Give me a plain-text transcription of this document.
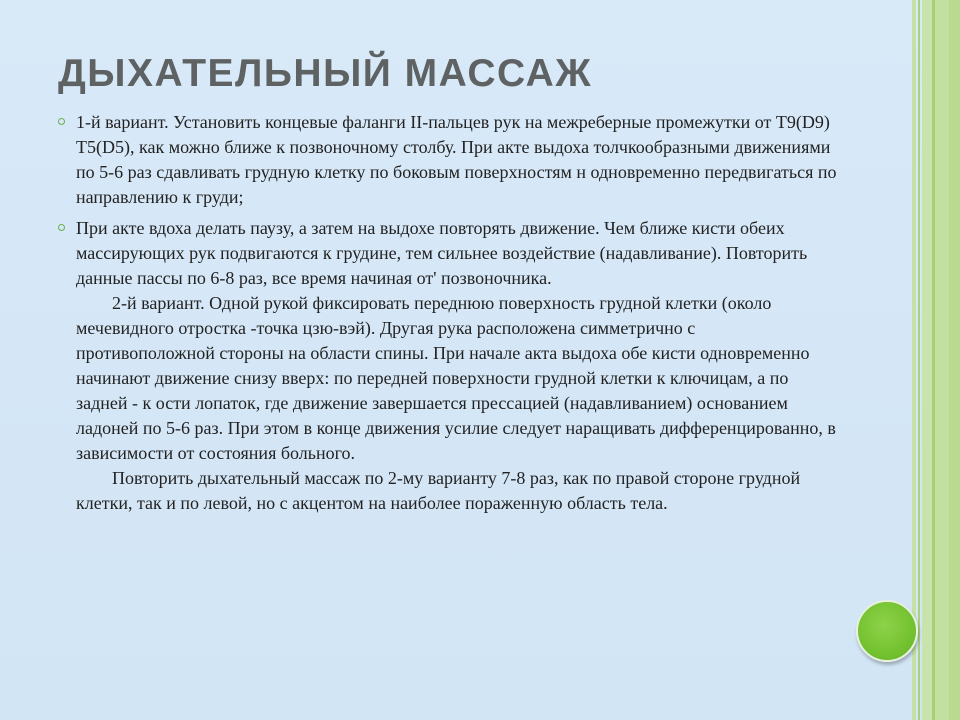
ДЫХАТЕЛЬНЫЙ МАССАЖ
1-й вариант. Установить концевые фаланги II-пальцев рук на межреберные промежутки от T9(D9) T5(D5), как можно ближе к позвоночному столбу. При акте выдоха толчкообразными движениями по 5-6 раз сдавливать грудную клетку по боковым поверхностям н одновременно передвигаться по направлению к груди;
При акте вдоха делать паузу, а затем на выдохе повторять движение. Чем ближе кисти обеих массирующих рук подвигаются к грудине, тем сильнее воздействие (надавливание). Повторить данные пассы по 6-8 раз, все время начиная от' позвоночника.
2-й вариант. Одной рукой фиксировать переднюю поверхность грудной клетки (около мечевидного отростка -точка цзю-вэй). Другая рука расположена симметрично с противоположной стороны на области спины. При начале акта выдоха обе кисти одновременно начинают движение снизу вверх: по передней поверхности грудной клетки к ключицам, а по задней - к ости лопаток, где движение завершается прессацией (надавливанием) основанием ладоней по 5-6 раз. При этом в конце движения усилие следует наращивать дифференцированно, в зависимости от состояния больного.
Повторить дыхательный массаж по 2-му варианту 7-8 раз, как по правой стороне грудной клетки, так и по левой, но с акцентом на наиболее пораженную область тела.
